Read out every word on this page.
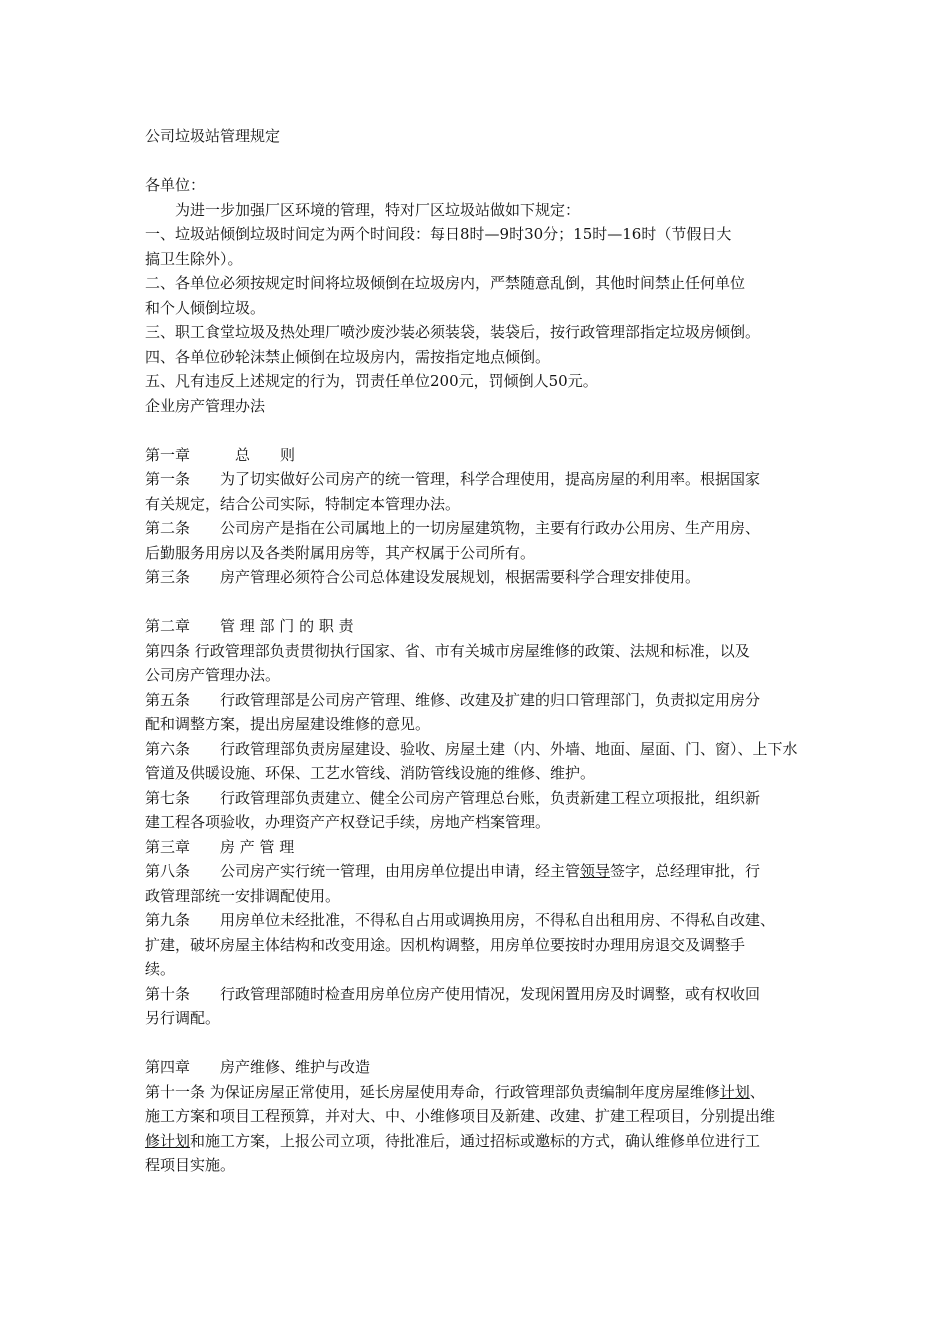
公司垃圾站管理规定
各单位：
　　为进一步加强厂区环境的管理，特对厂区垃圾站做如下规定：
一、垃圾站倾倒垃圾时间定为两个时间段：每日8时—9时30分；15时—16时（节假日大
搞卫生除外）。
二、各单位必须按规定时间将垃圾倾倒在垃圾房内，严禁随意乱倒，其他时间禁止任何单位
和个人倾倒垃圾。
三、职工食堂垃圾及热处理厂喷沙废沙装必须装袋，装袋后，按行政管理部指定垃圾房倾倒。
四、各单位砂轮沫禁止倾倒在垃圾房内，需按指定地点倾倒。
五、凡有违反上述规定的行为，罚责任单位200元，罚倾倒人50元。
企业房产管理办法
第一章　　　总　　则
第一条　　为了切实做好公司房产的统一管理，科学合理使用，提高房屋的利用率。根据国家
有关规定，结合公司实际，特制定本管理办法。
第二条　　公司房产是指在公司属地上的一切房屋建筑物，主要有行政办公用房、生产用房、
后勤服务用房以及各类附属用房等，其产权属于公司所有。
第三条　　房产管理必须符合公司总体建设发展规划，根据需要科学合理安排使用。
第二章　　管 理 部 门 的 职 责
第四条 行政管理部负责贯彻执行国家、省、市有关城市房屋维修的政策、法规和标准，以及
公司房产管理办法。
第五条　　行政管理部是公司房产管理、维修、改建及扩建的归口管理部门，负责拟定用房分
配和调整方案，提出房屋建设维修的意见。
第六条　　行政管理部负责房屋建设、验收、房屋土建（内、外墙、地面、屋面、门、窗）、上下水
管道及供暖设施、环保、工艺水管线、消防管线设施的维修、维护。
第七条　　行政管理部负责建立、健全公司房产管理总台账，负责新建工程立项报批，组织新
建工程各项验收，办理资产产权登记手续，房地产档案管理。
第三章　　房 产 管 理
第八条　　公司房产实行统一管理，由用房单位提出申请，经主管领导签字，总经理审批，行
政管理部统一安排调配使用。
第九条　　用房单位未经批准，不得私自占用或调换用房，不得私自出租用房、不得私自改建、
扩建，破坏房屋主体结构和改变用途。因机构调整，用房单位要按时办理用房退交及调整手
续。
第十条　　行政管理部随时检查用房单位房产使用情况，发现闲置用房及时调整，或有权收回
另行调配。
第四章　　房产维修、维护与改造
第十一条 为保证房屋正常使用，延长房屋使用寿命，行政管理部负责编制年度房屋维修计划、
施工方案和项目工程预算，并对大、中、小维修项目及新建、改建、扩建工程项目，分别提出维
修计划和施工方案，上报公司立项，待批准后，通过招标或邀标的方式，确认维修单位进行工
程项目实施。
